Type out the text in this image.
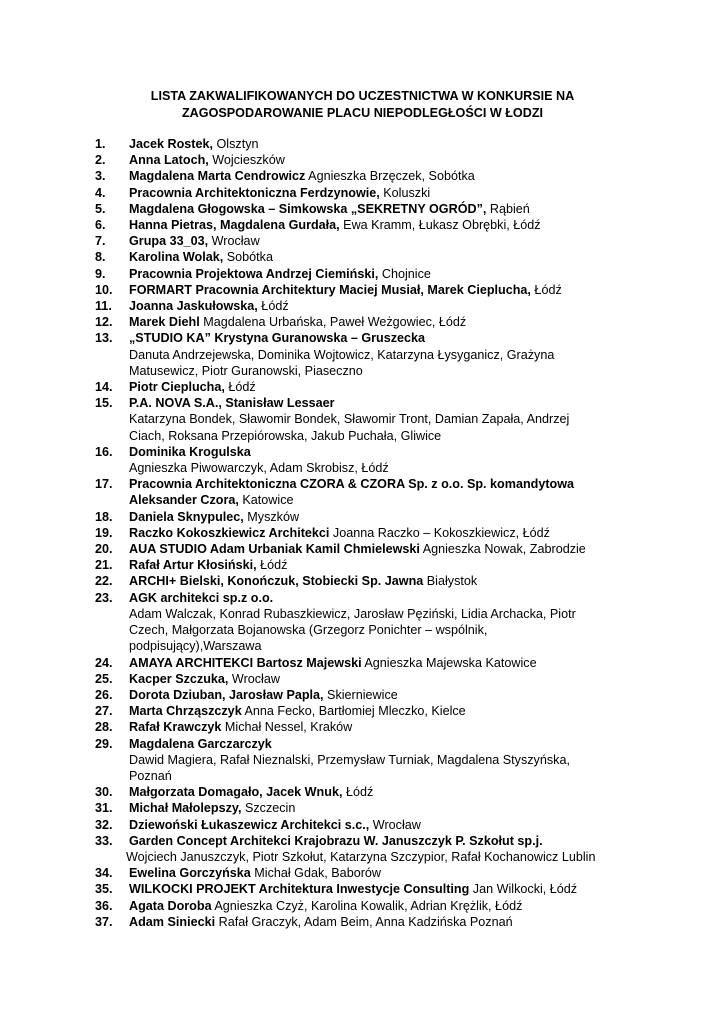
LISTA ZAKWALIFIKOWANYCH DO UCZESTNICTWA W KONKURSIE NA
ZAGOSPODAROWANIE PLACU NIEPODLEGŁOŚCI W ŁODZI
1. Jacek Rostek, Olsztyn
2. Anna Latoch, Wojcieszków
3. Magdalena Marta Cendrowicz Agnieszka Brzęczek, Sobótka
4. Pracownia Architektoniczna Ferdzynowie, Koluszki
5. Magdalena Głogowska – Simkowska „SEKRETNY OGRÓD”, Rąbień
6. Hanna Pietras, Magdalena Gurdała, Ewa Kramm, Łukasz Obrębki, Łódź
7. Grupa 33_03, Wrocław
8. Karolina Wolak, Sobótka
9. Pracownia Projektowa Andrzej Ciemiński, Chojnice
10. FORMART Pracownia Architektury Maciej Musiał, Marek Cieplucha, Łódź
11. Joanna Jaskułowska, Łódź
12. Marek Diehl Magdalena Urbańska, Paweł Weżgowiec, Łódź
13. „STUDIO KA” Krystyna Guranowska – Gruszecka
Danuta Andrzejewska, Dominika Wojtowicz, Katarzyna Łysyganicz, Grażyna
Matusewicz, Piotr Guranowski, Piaseczno
14. Piotr Cieplucha, Łódź
15. P.A. NOVA S.A., Stanisław Lessaer
Katarzyna Bondek, Sławomir Bondek, Sławomir Tront, Damian Zapała, Andrzej
Ciach, Roksana Przepiórowska, Jakub Puchała, Gliwice
16. Dominika Krogulska
Agnieszka Piwowarczyk, Adam Skrobisz, Łódź
17. Pracownia Architektoniczna CZORA & CZORA Sp. z o.o. Sp. komandytowa
Aleksander Czora, Katowice
18. Daniela Sknypulec, Myszków
19. Raczko Kokoszkiewicz Architekci Joanna Raczko – Kokoszkiewicz, Łódź
20. AUA STUDIO Adam Urbaniak Kamil Chmielewski Agnieszka Nowak, Zabrodzie
21. Rafał Artur Kłosiński, Łódź
22. ARCHI+ Bielski, Konończuk, Stobiecki Sp. Jawna Białystok
23. AGK architekci sp.z o.o.
Adam Walczak, Konrad Rubaszkiewicz, Jarosław Pęziński, Lidia Archacka, Piotr
Czech, Małgorzata Bojanowska (Grzegorz Ponichter – wspólnik,
podpisujący),Warszawa
24. AMAYA ARCHITEKCI Bartosz Majewski Agnieszka Majewska Katowice
25. Kacper Szczuka, Wrocław
26. Dorota Dziuban, Jarosław Papla, Skierniewice
27. Marta Chrząszczyk Anna Fecko, Bartłomiej Mleczko, Kielce
28. Rafał Krawczyk Michał Nessel, Kraków
29. Magdalena Garczarczyk
Dawid Magiera, Rafał Nieznalski, Przemysław Turniak, Magdalena Styszyńska,
Poznań
30. Małgorzata Domagało, Jacek Wnuk, Łódź
31. Michał Małolepszy, Szczecin
32. Dziewoński Łukaszewicz Architekci s.c., Wrocław
33. Garden Concept Architekci Krajobrazu W. Januszczyk P. Szkołut sp.j.
Wojciech Januszczyk, Piotr Szkołut, Katarzyna Szczypior, Rafał Kochanowicz Lublin
34. Ewelina Gorczyńska Michał Gdak, Baborów
35. WILKOCKI PROJEKT Architektura Inwestycje Consulting Jan Wilkocki, Łódź
36. Agata Doroba Agnieszka Czyż, Karolina Kowalik, Adrian Krężlik, Łódź
37. Adam Siniecki Rafał Graczyk, Adam Beim, Anna Kadzińska Poznań
